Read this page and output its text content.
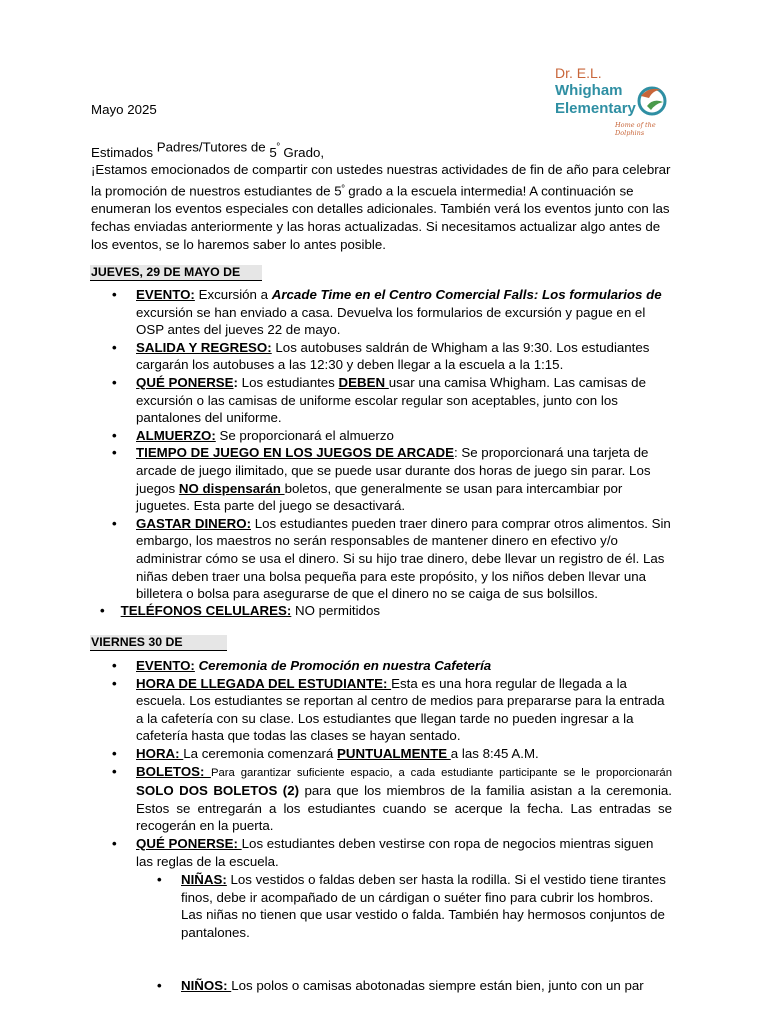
Dr. E.L.
Whigham
Elementary
Home of the Dolphins
Mayo 2025
Estimados Padres/Tutores de $5^º$ Grado,
¡Estamos emocionados de compartir con ustedes nuestras actividades de fin de año para celebrar la promoción de nuestros estudiantes de $5^º$ grado a la escuela intermedia! A continuación se enumeran los eventos especiales con detalles adicionales. También verá los eventos junto con las fechas enviadas anteriormente y las horas actualizadas. Si necesitamos actualizar algo antes de los eventos, se lo haremos saber lo antes posible.
JUEVES, 29 DE MAYO DE
• EVENTO: Excursión a Arcade Time en el Centro Comercial Falls: Los formularios de excursión se han enviado a casa. Devuelva los formularios de excursión y pague en el OSP antes del jueves 22 de mayo.
• SALIDA Y REGRESO: Los autobuses saldrán de Whigham a las 9:30. Los estudiantes cargarán los autobuses a las 12:30 y deben llegar a la escuela a la 1:15.
• QUÉ PONERSE: Los estudiantes DEBEN usar una camisa Whigham. Las camisas de excursión o las camisas de uniforme escolar regular son aceptables, junto con los pantalones del uniforme.
• ALMUERZO: Se proporcionará el almuerzo
• TIEMPO DE JUEGO EN LOS JUEGOS DE ARCADE: Se proporcionará una tarjeta de arcade de juego ilimitado, que se puede usar durante dos horas de juego sin parar. Los juegos NO dispensarán boletos, que generalmente se usan para intercambiar por juguetes. Esta parte del juego se desactivará.
• GASTAR DINERO: Los estudiantes pueden traer dinero para comprar otros alimentos. Sin embargo, los maestros no serán responsables de mantener dinero en efectivo y/o administrar cómo se usa el dinero. Si su hijo trae dinero, debe llevar un registro de él. Las niñas deben traer una bolsa pequeña para este propósito, y los niños deben llevar una billetera o bolsa para asegurarse de que el dinero no se caiga de sus bolsillos.
• TELÉFONOS CELULARES: NO permitidos
VIERNES 30 DE
• EVENTO: Ceremonia de Promoción en nuestra Cafetería
• HORA DE LLEGADA DEL ESTUDIANTE: Esta es una hora regular de llegada a la escuela. Los estudiantes se reportan al centro de medios para prepararse para la entrada a la cafetería con su clase. Los estudiantes que llegan tarde no pueden ingresar a la cafetería hasta que todas las clases se hayan sentado.
• HORA: La ceremonia comenzará PUNTUALMENTE a las 8:45 A.M.
• BOLETOS: Para garantizar suficiente espacio, a cada estudiante participante se le proporcionarán SOLO DOS BOLETOS (2) para que los miembros de la familia asistan a la ceremonia. Estos se entregarán a los estudiantes cuando se acerque la fecha. Las entradas se recogerán en la puerta.
• QUÉ PONERSE: Los estudiantes deben vestirse con ropa de negocios mientras siguen las reglas de la escuela.
• NIÑAS: Los vestidos o faldas deben ser hasta la rodilla. Si el vestido tiene tirantes finos, debe ir acompañado de un cárdigan o suéter fino para cubrir los hombros. Las niñas no tienen que usar vestido o falda. También hay hermosos conjuntos de pantalones.
• NIÑOS: Los polos o camisas abotonadas siempre están bien, junto con un par
